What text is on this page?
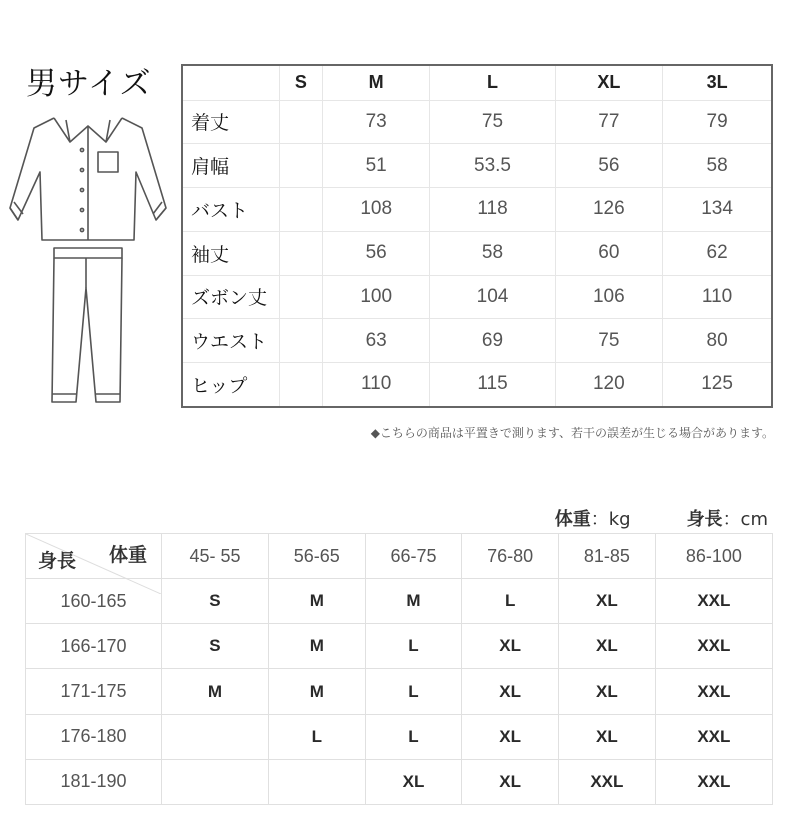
男サイズ
		S	M	L	XL	3L
着丈		73	75	77	79
肩幅		51	53.5	56	58
バスト		108	118	126	134
袖丈		56	58	60	62
ズボン丈		100	104	106	110
ウエスト		63	69	75	80
ヒップ		110	115	120	125
◆こちらの商品は平置きで測ります、若干の誤差が生じる場合があります。
体重：kg	身長：cm
体重
身長	45- 55	56-65	66-75	76-80	81-85	86-100
160-165	S	M	M	L	XL	XXL
166-170	S	M	L	XL	XL	XXL
171-175	M	M	L	XL	XL	XXL
176-180		L	L	XL	XL	XXL
181-190			XL	XL	XXL	XXL
